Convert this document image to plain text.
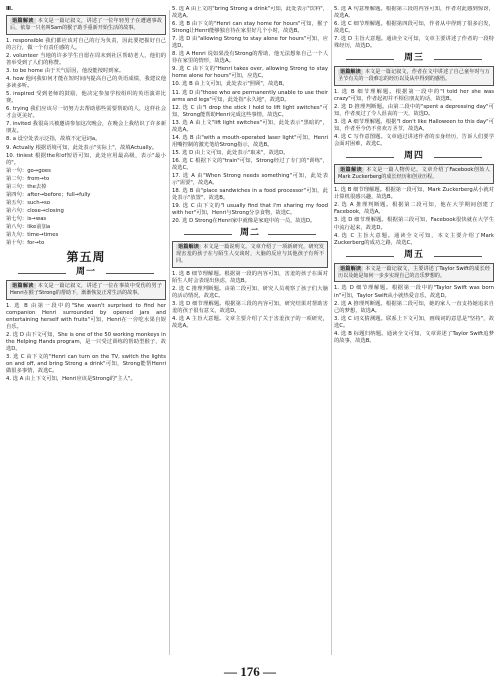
Ⅲ.

语篇解读 本文是一篇记叙文，讲述了一位年轻男子在遭遇事故后，依靠一只名叫Sam的猴子助手重新开始生活的故事。

1. responsible 我们都应该对自己的行为负责，因此要把握好自己的言行，做一个有责任感的人。

2. volunteer 当地的许多学生自愿在周末到社区帮助老人，他们的善举受到了人们的称赞。

3. to be home 由于天气原因，他没能按时到家。

4. how 他问我如何才能在短时间内提高自己的英语成绩，我建议他多读多听。

5. inspired 受到老师的鼓励，他决定参加学校组织的英语演讲比赛。

6. trying 我们应该尽一切努力去帮助那些需要帮助的人，这样社会才会更美好。

7. invited 我很高兴被邀请参加这次晚会，在晚会上我结识了许多新朋友。

8. a 设空处表示泛指，故填不定冠词a。

9. Actually 根据语境可知，此处表示"实际上"，故填Actually。

10. tiniest 根据the和of短语可知，此处应用最高级，表示"最小的"。

第一句：go→goes

第二句：from→to

第三句：the去掉

第四句：after→before；full→fully

第五句：such→so

第六句：close→closing

第七句：is→was

第八句：like前加a

第九句：time→times

第十句：for→to

第五周
周一
语篇解读 本文是一篇记叙文，讲述了一位在事故中受伤的男子Henri在猴子Strong的帮助下，渐渐恢复正常生活的故事。

1. 选 B 由第一段中的"She wasn't surprised to find her companion Henri surrounded by opened jars and entertaining herself with fruits"可知，Henri在一旁吃水果自娱自乐。

2. 选 D 由下文可知，She is one of the 50 working monkeys in the Helping Hands program，是一只受过训练的帮助型猴子，故选D。

3. 选 C 由下文的"Henri can turn on the TV, switch the lights on and off, and bring Strong a drink"可知，Strong能帮Henri做很多事情，故选C。

4. 选 A 由上下文可知，Henri应该是Strong的"主人"。

5. 选 A 由上文的"bring Strong a drink"可知，此处表示"饮料"，故选A。

6. 选 B 由下文的"Henri can stay home for hours"可知，猴子Strong让Henri能够独自待在家里好几个小时，故选B。

7. 选 D 由"allowing Strong to stay alone for hours"可知，应选D。

8. 选 A Henri 说如果没有Strong的帮助，他无法想象自己一个人待在家里的情形，故选A。

9. 选 C 由下文的"Henri takes over, allowing Strong to stay home alone for hours"可知，应选C。

10. 选 B 由上文可知，此处表示"照顾"，故选B。

11. 选 D 由"those who are permanently unable to use their arms and legs"可知，此处指"永久地"，故选D。

12. 选 C 由"I drop the stick I hold to lift light switches"可知，Strong能帮助Henri完成这些事情，故选C。

13. 选 A 由上文"lift light switches"可知，此处表示"黑暗的"，故选A。

14. 选 B 由"with a mouth-operated laser light"可知，Henri用嘴控制的激光笔给Strong指示，故选B。

15. 选 D 由上文可知，此处表示"取来"，故选D。

16. 选 C 根据下文的"train"可知，Strong经过了专门的"训练"，故选C。

17. 选 A 由"When Strong needs something"可知，此处表示"需要"，故选A。

18. 选 B 由"place sandwiches in a food processor"可知，此处表示"放置"，故选B。

19. 选 C 由下文的"I usually find that I'm sharing my food with her"可知，Henri与Strong分享食物，故选C。

20. 选 D Strong在Henri家中就像是家庭中的一员，故选D。

周二
语篇解读 本文是一篇说明文。文章介绍了一项新研究，研究发现害羞的孩子在与陌生人交谈时，大脑的反应与其他孩子有所不同。

1. 选 B 细节理解题。根据第一段的内容可知，害羞的孩子在面对陌生人时会表现出焦虑，故选B。

2. 选 C 推理判断题。由第二段可知，研究人员观察了孩子们大脑的活动情况，故选C。

3. 选 D 细节理解题。根据第三段的内容可知，研究结果对帮助害羞的孩子很有意义，故选D。

4. 选 A 主旨大意题。文章主要介绍了关于害羞孩子的一项研究，故选A。

5. 选 A 句意理解题。根据第三段的内容可知，作者对此感到惊讶，故选A。

6. 选 C 细节理解题。根据第四段可知，作者从中得到了很多启发，故选C。

7. 选 D 主旨大意题。通读全文可知，文章主要讲述了作者的一段特殊经历，故选D。

周三
语篇解读 本文是一篇记叙文，作者在文中讲述了自己童年时与万圣节有关的一段难忘的经历以及从中得到的感悟。

1. 选 B 细节理解题。根据第一段中的"I told her she was crazy"可知，作者起初并不相信朋友的话，故选B。

2. 选 D 推理判断题。由第二段中的"spent a depressing day"可知，作者度过了令人沮丧的一天，故选D。

3. 选 A 细节理解题。根据"I don't like Halloween to this day"可知，作者至今仍不喜欢万圣节，故选A。

4. 选 C 写作意图题。文章通过讲述作者的亲身经历，告诉人们要学会面对困难，故选C。

周四
语篇解读 本文是一篇人物传记。文章介绍了Facebook创始人Mark Zuckerberg的成长经历和创业历程。

1. 选 B 细节理解题。根据第一段可知，Mark Zuckerberg从小就对计算机很感兴趣，故选B。

2. 选 A 推理判断题。根据第二段可知，他在大学期间创建了Facebook，故选A。

3. 选 D 细节理解题。根据第三段可知，Facebook很快就在大学生中流行起来，故选D。

4. 选 C 主旨大意题。通读全文可知，本文主要介绍了Mark Zuckerberg的成功之路，故选C。

周五
语篇解读 本文是一篇记叙文，主要讲述了Taylor Swift的成长经历以及她是如何一步步实现自己的音乐梦想的。

1. 选 D 细节理解题。根据第一段中的"Taylor Swift was born in"可知，Taylor Swift从小就热爱音乐，故选D。

2. 选 A 推理判断题。根据第二段可知，她的家人一直支持她追求自己的梦想，故选A。

3. 选 C 词义猜测题。联系上下文可知，画线词的意思是"坚持"，故选C。

4. 选 B 标题归纳题。通读全文可知，文章讲述了Taylor Swift追梦的故事，故选B。

— 176 —
